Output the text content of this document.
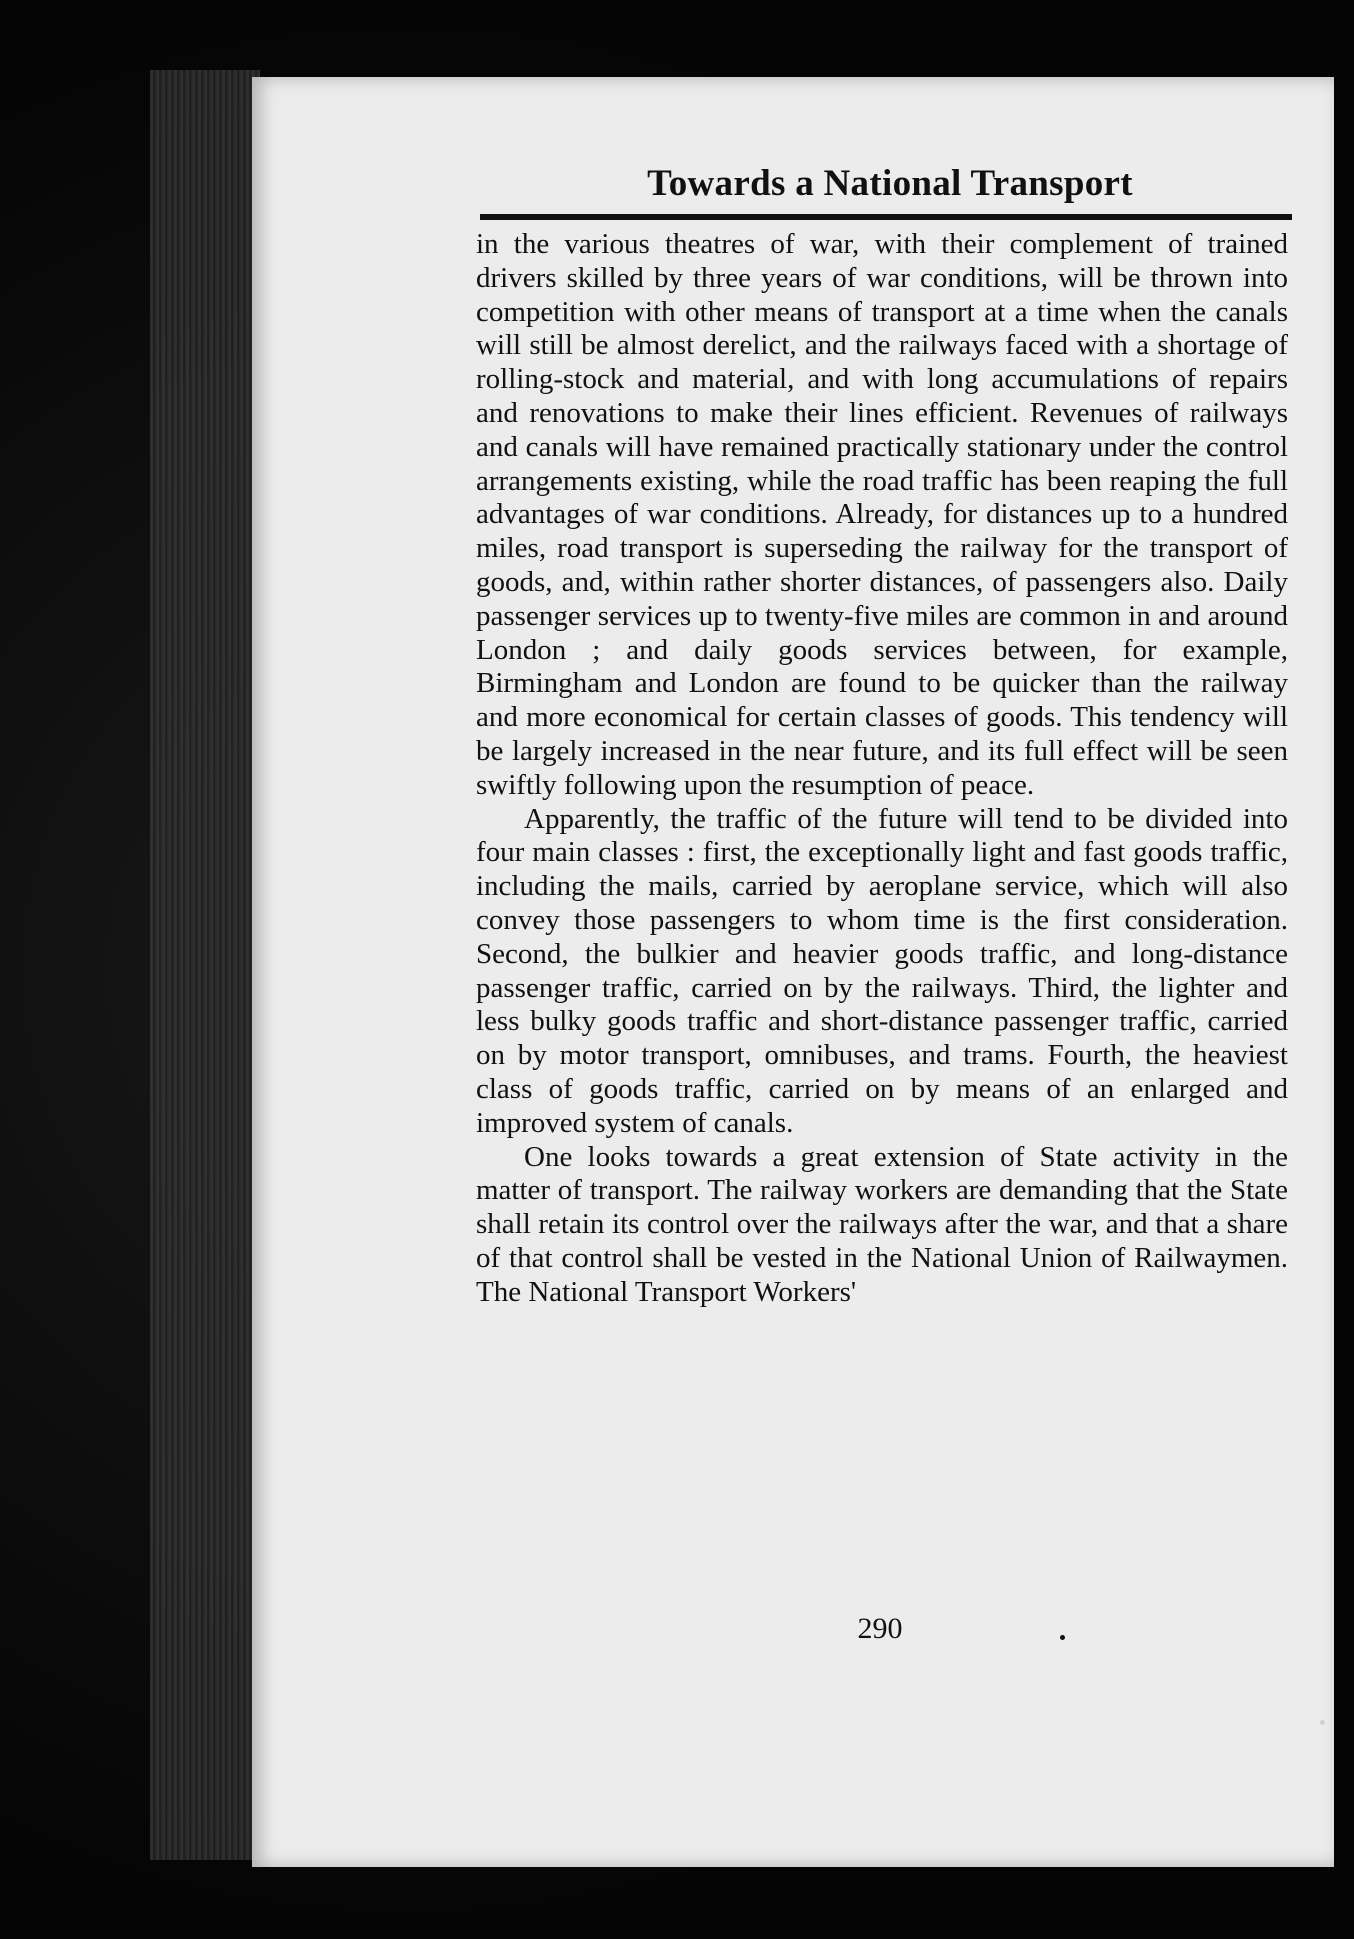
Towards a National Transport

in the various theatres of war, with their complement of trained drivers skilled by three years of war conditions, will be thrown into competition with other means of transport at a time when the canals will still be almost derelict, and the railways faced with a shortage of rolling-stock and material, and with long accumulations of repairs and renovations to make their lines efficient. Revenues of railways and canals will have remained practically stationary under the control arrangements existing, while the road traffic has been reaping the full advantages of war conditions. Already, for distances up to a hundred miles, road transport is superseding the railway for the transport of goods, and, within rather shorter distances, of passengers also. Daily passenger services up to twenty-five miles are common in and around London ; and daily goods services between, for example, Birmingham and London are found to be quicker than the railway and more economical for certain classes of goods. This tendency will be largely increased in the near future, and its full effect will be seen swiftly following upon the resumption of peace.

Apparently, the traffic of the future will tend to be divided into four main classes : first, the exceptionally light and fast goods traffic, including the mails, carried by aeroplane service, which will also convey those passengers to whom time is the first consideration. Second, the bulkier and heavier goods traffic, and long-distance passenger traffic, carried on by the railways. Third, the lighter and less bulky goods traffic and short-distance passenger traffic, carried on by motor transport, omnibuses, and trams. Fourth, the heaviest class of goods traffic, carried on by means of an enlarged and improved system of canals.

One looks towards a great extension of State activity in the matter of transport. The railway workers are demanding that the State shall retain its control over the railways after the war, and that a share of that control shall be vested in the National Union of Railwaymen. The National Transport Workers'

290
